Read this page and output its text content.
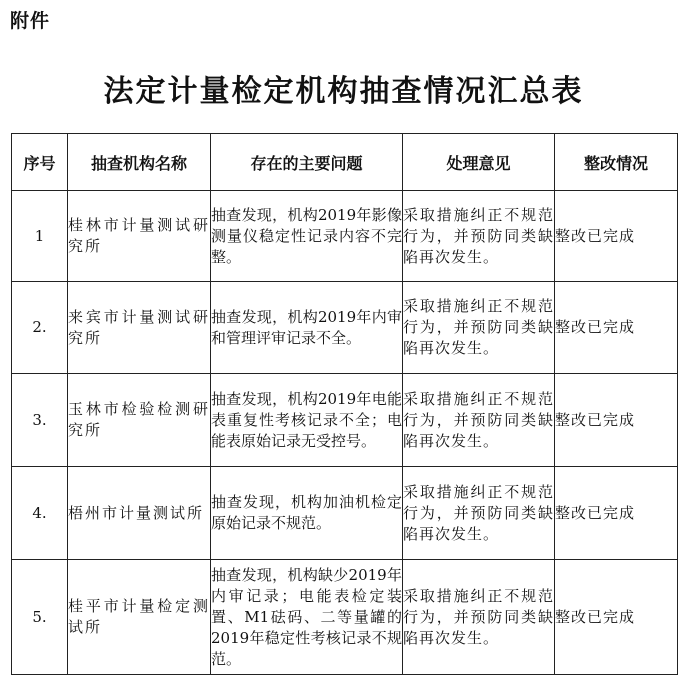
附件
法定计量检定机构抽查情况汇总表
序号	抽查机构名称	存在的主要问题	处理意见	整改情况
1	桂林市计量测试研究所	抽查发现，机构2019年影像测量仪稳定性记录内容不完整。	采取措施纠正不规范行为，并预防同类缺陷再次发生。	整改已完成
2.	来宾市计量测试研究所	抽查发现，机构2019年内审和管理评审记录不全。	采取措施纠正不规范行为，并预防同类缺陷再次发生。	整改已完成
3.	玉林市检验检测研究所	抽查发现，机构2019年电能表重复性考核记录不全；电能表原始记录无受控号。	采取措施纠正不规范行为，并预防同类缺陷再次发生。	整改已完成
4.	梧州市计量测试所	抽查发现，机构加油机检定原始记录不规范。	采取措施纠正不规范行为，并预防同类缺陷再次发生。	整改已完成
5.	桂平市计量检定测试所	抽查发现，机构缺少2019年内审记录；电能表检定装置、M1砝码、二等量罐的2019年稳定性考核记录不规范。	采取措施纠正不规范行为，并预防同类缺陷再次发生。	整改已完成
